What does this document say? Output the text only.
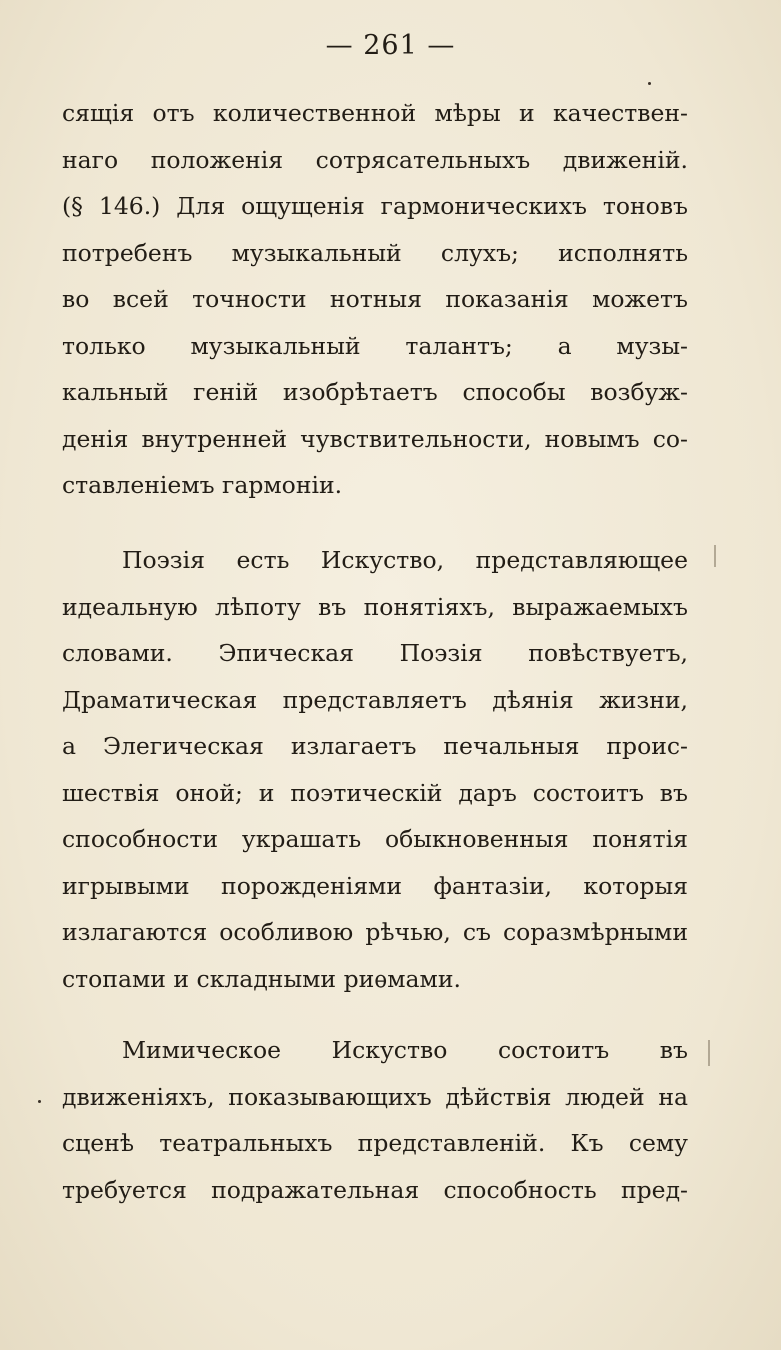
— 261 —
сящія отъ количественной мѣры и качествен-
наго положенія сотрясательныхъ движеній.
(§ 146.) Для ощущенія гармоническихъ тоновъ
потребенъ музыкальный слухъ; исполнять
во всей точности нотныя показанія можетъ
только музыкальный талантъ; а музы-
кальный геній изобрѣтаетъ способы возбуж-
денія внутренней чувствительности, новымъ со-
ставленіемъ гармоніи.
Поэзія есть Искуство, представляющее
идеальную лѣпоту въ понятіяхъ, выражаемыхъ
словами. Эпическая Поэзія повѣствуетъ,
Драматическая представляетъ дѣянія жизни,
а Элегическая излагаетъ печальныя проис-
шествія оной; и поэтическій даръ состоитъ въ
способности украшать обыкновенныя понятія
игрывыми порожденіями фантазіи, которыя
излагаются особливою рѣчью, съ соразмѣрными
стопами и складными риѳмами.
Мимическое Искуство состоитъ въ
движеніяхъ, показывающихъ дѣйствія людей на
сценѣ театральныхъ представленій. Къ сему
требуется подражательная способность пред-
